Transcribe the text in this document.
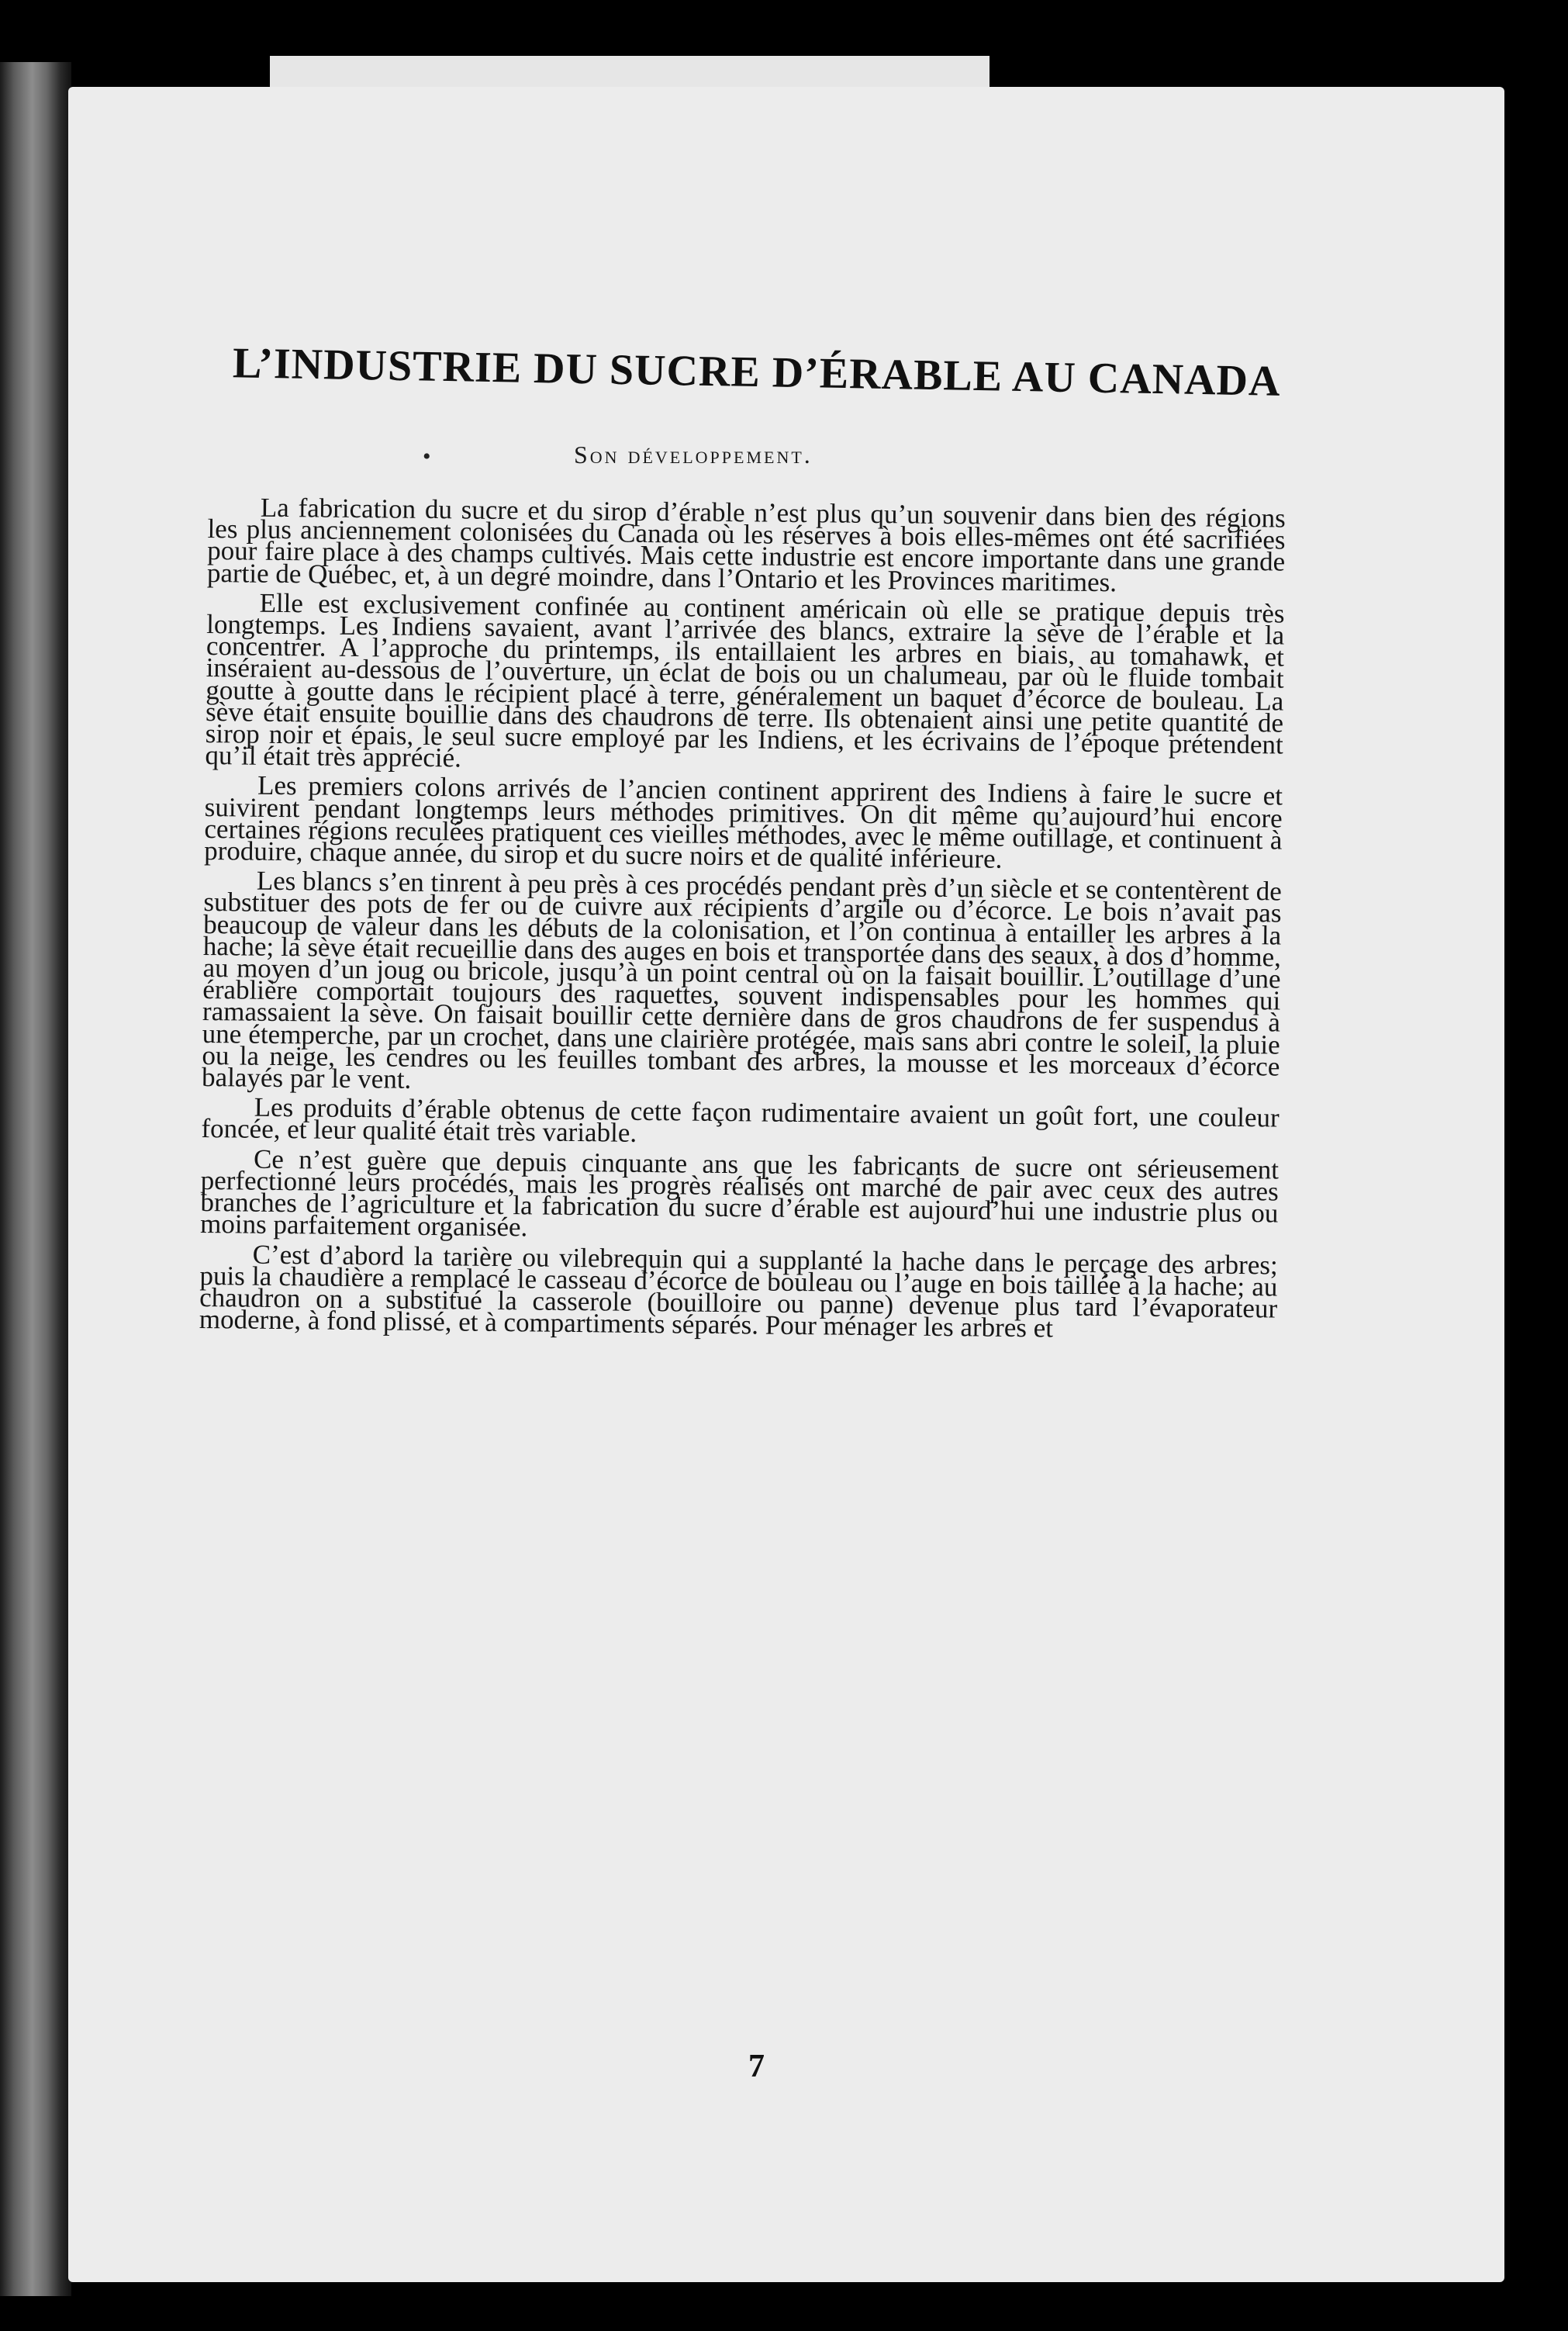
L’INDUSTRIE DU SUCRE D’ÉRABLE AU CANADA
•	Son développement.

La fabrication du sucre et du sirop d’érable n’est plus qu’un souvenir dans bien des régions les plus anciennement colonisées du Canada où les réserves à bois elles-mêmes ont été sacrifiées pour faire place à des champs cultivés. Mais cette industrie est encore importante dans une grande partie de Québec, et, à un degré moindre, dans l’Ontario et les Provinces maritimes.

Elle est exclusivement confinée au continent américain où elle se pratique depuis très longtemps. Les Indiens savaient, avant l’arrivée des blancs, extraire la sève de l’érable et la concentrer. A l’approche du printemps, ils entaillaient les arbres en biais, au tomahawk, et inséraient au-dessous de l’ouverture, un éclat de bois ou un chalumeau, par où le fluide tombait goutte à goutte dans le récipient placé à terre, généralement un baquet d’écorce de bouleau. La sève était ensuite bouillie dans des chaudrons de terre. Ils obtenaient ainsi une petite quantité de sirop noir et épais, le seul sucre employé par les Indiens, et les écrivains de l’époque prétendent qu’il était très apprécié.

Les premiers colons arrivés de l’ancien continent apprirent des Indiens à faire le sucre et suivirent pendant longtemps leurs méthodes primitives. On dit même qu’aujourd’hui encore certaines régions reculées pratiquent ces vieilles méthodes, avec le même outillage, et continuent à produire, chaque année, du sirop et du sucre noirs et de qualité inférieure.

Les blancs s’en tinrent à peu près à ces procédés pendant près d’un siècle et se contentèrent de substituer des pots de fer ou de cuivre aux récipients d’argile ou d’écorce. Le bois n’avait pas beaucoup de valeur dans les débuts de la colonisation, et l’on continua à entailler les arbres à la hache; la sève était recueillie dans des auges en bois et transportée dans des seaux, à dos d’homme, au moyen d’un joug ou bricole, jusqu’à un point central où on la faisait bouillir. L’outillage d’une érablière comportait toujours des raquettes, souvent indispensables pour les hommes qui ramassaient la sève. On faisait bouillir cette dernière dans de gros chaudrons de fer suspendus à une étemperche, par un crochet, dans une clairière protégée, mais sans abri contre le soleil, la pluie ou la neige, les cendres ou les feuilles tombant des arbres, la mousse et les morceaux d’écorce balayés par le vent.

Les produits d’érable obtenus de cette façon rudimentaire avaient un goût fort, une couleur foncée, et leur qualité était très variable.

Ce n’est guère que depuis cinquante ans que les fabricants de sucre ont sérieusement perfectionné leurs procédés, mais les progrès réalisés ont marché de pair avec ceux des autres branches de l’agriculture et la fabrication du sucre d’érable est aujourd’hui une industrie plus ou moins parfaitement organisée.

C’est d’abord la tarière ou vilebrequin qui a supplanté la hache dans le perçage des arbres; puis la chaudière a remplacé le casseau d’écorce de bouleau ou l’auge en bois taillée à la hache; au chaudron on a substitué la casserole (bouilloire ou panne) devenue plus tard l’évaporateur moderne, à fond plissé, et à compartiments séparés. Pour ménager les arbres et

7
